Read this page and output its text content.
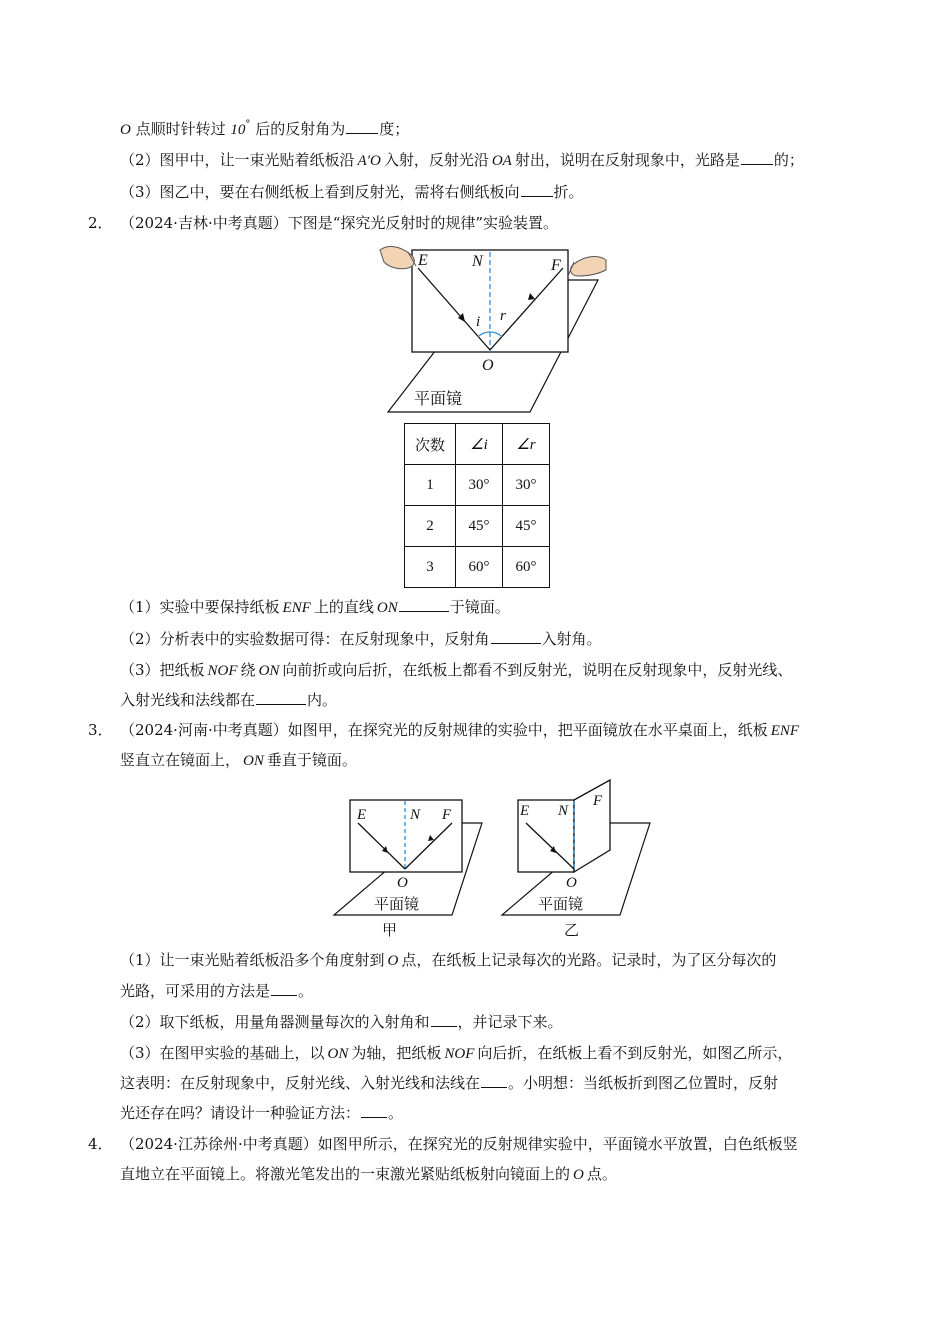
O 点顺时针转过 10° 后的反射角为 度；
（2）图甲中，让一束光贴着纸板沿 A′O 入射，反射光沿 OA 射出，说明在反射现象中，光路是 的；
（3）图乙中，要在右侧纸板上看到反射光，需将右侧纸板向 折。
2． （2024·吉林·中考真题）下图是“探究光反射时的规律”实验装置。
E	N	F
i r
O
平面镜
次数	∠i	∠r
1	30°	30°
2	45°	45°
3	60°	60°
（1）实验中要保持纸板 ENF 上的直线 ON	于镜面。
（2）分析表中的实验数据可得：在反射现象中，反射角	入射角。
（3）把纸板 NOF 绕 ON 向前折或向后折，在纸板上都看不到反射光，说明在反射现象中，反射光线、
入射光线和法线都在	内。
3． （2024·河南·中考真题）如图甲，在探究光的反射规律的实验中，把平面镜放在水平桌面上，纸板 ENF
竖直立在镜面上， ON 垂直于镜面。
E	N F
O
平面镜
甲
E N
F
O
平面镜
乙
（1）让一束光贴着纸板沿多个角度射到 O 点，在纸板上记录每次的光路。记录时，为了区分每次的
光路，可采用的方法是 。
（2）取下纸板，用量角器测量每次的入射角和 ，并记录下来。
（3）在图甲实验的基础上，以 ON 为轴，把纸板 NOF 向后折，在纸板上看不到反射光，如图乙所示，
这表明：在反射现象中，反射光线、入射光线和法线在 。小明想：当纸板折到图乙位置时，反射
光还存在吗？请设计一种验证方法： 。
4． （2024·江苏徐州·中考真题）如图甲所示，在探究光的反射规律实验中，平面镜水平放置，白色纸板竖
直地立在平面镜上。将激光笔发出的一束激光紧贴纸板射向镜面上的 O 点。
